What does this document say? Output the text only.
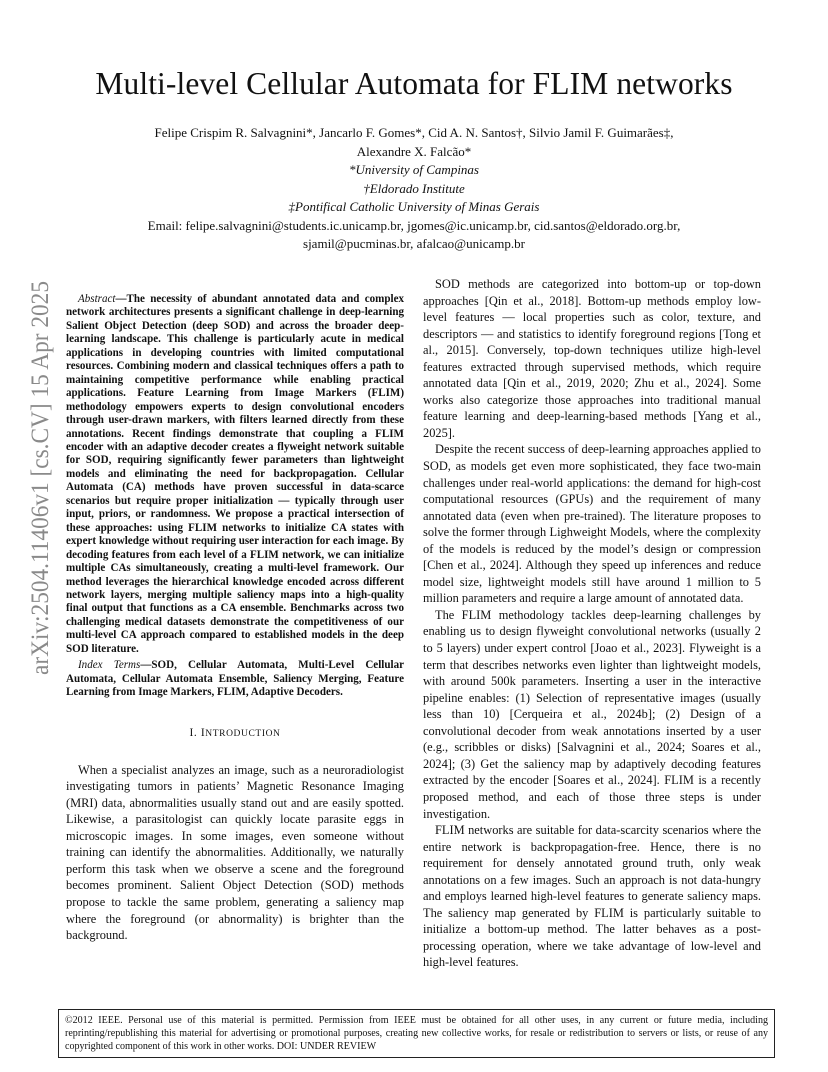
arXiv:2504.11406v1 [cs.CV] 15 Apr 2025
Multi-level Cellular Automata for FLIM networks
Felipe Crispim R. Salvagnini*, Jancarlo F. Gomes*, Cid A. N. Santos†, Silvio Jamil F. Guimarães‡,
Alexandre X. Falcão*
*University of Campinas
†Eldorado Institute
‡Pontifical Catholic University of Minas Gerais
Email: felipe.salvagnini@students.ic.unicamp.br, jgomes@ic.unicamp.br, cid.santos@eldorado.org.br,
sjamil@pucminas.br, afalcao@unicamp.br

Abstract—The necessity of abundant annotated data and complex network architectures presents a significant challenge in deep-learning Salient Object Detection (deep SOD) and across the broader deep-learning landscape. This challenge is particularly acute in medical applications in developing countries with limited computational resources. Combining modern and classical techniques offers a path to maintaining competitive performance while enabling practical applications. Feature Learning from Image Markers (FLIM) methodology empowers experts to design convolutional encoders through user-drawn markers, with filters learned directly from these annotations. Recent findings demonstrate that coupling a FLIM encoder with an adaptive decoder creates a flyweight network suitable for SOD, requiring significantly fewer parameters than lightweight models and eliminating the need for backpropagation. Cellular Automata (CA) methods have proven successful in data-scarce scenarios but require proper initialization — typically through user input, priors, or randomness. We propose a practical intersection of these approaches: using FLIM networks to initialize CA states with expert knowledge without requiring user interaction for each image. By decoding features from each level of a FLIM network, we can initialize multiple CAs simultaneously, creating a multi-level framework. Our method leverages the hierarchical knowledge encoded across different network layers, merging multiple saliency maps into a high-quality final output that functions as a CA ensemble. Benchmarks across two challenging medical datasets demonstrate the competitiveness of our multi-level CA approach compared to established models in the deep SOD literature.

Index Terms—SOD, Cellular Automata, Multi-Level Cellular Automata, Cellular Automata Ensemble, Saliency Merging, Feature Learning from Image Markers, FLIM, Adaptive Decoders.

I. INTRODUCTION

When a specialist analyzes an image, such as a neuroradiologist investigating tumors in patients’ Magnetic Resonance Imaging (MRI) data, abnormalities usually stand out and are easily spotted. Likewise, a parasitologist can quickly locate parasite eggs in microscopic images. In some images, even someone without training can identify the abnormalities. Additionally, we naturally perform this task when we observe a scene and the foreground becomes prominent. Salient Object Detection (SOD) methods propose to tackle the same problem, generating a saliency map where the foreground (or abnormality) is brighter than the background.

SOD methods are categorized into bottom-up or top-down approaches [Qin et al., 2018]. Bottom-up methods employ low-level features — local properties such as color, texture, and descriptors — and statistics to identify foreground regions [Tong et al., 2015]. Conversely, top-down techniques utilize high-level features extracted through supervised methods, which require annotated data [Qin et al., 2019, 2020; Zhu et al., 2024]. Some works also categorize those approaches into traditional manual feature learning and deep-learning-based methods [Yang et al., 2025].

Despite the recent success of deep-learning approaches applied to SOD, as models get even more sophisticated, they face two-main challenges under real-world applications: the demand for high-cost computational resources (GPUs) and the requirement of many annotated data (even when pre-trained). The literature proposes to solve the former through Lighweight Models, where the complexity of the models is reduced by the model’s design or compression [Chen et al., 2024]. Although they speed up inferences and reduce model size, lightweight models still have around 1 million to 5 million parameters and require a large amount of annotated data.

The FLIM methodology tackles deep-learning challenges by enabling us to design flyweight convolutional networks (usually 2 to 5 layers) under expert control [Joao et al., 2023]. Flyweight is a term that describes networks even lighter than lightweight models, with around 500k parameters. Inserting a user in the interactive pipeline enables: (1) Selection of representative images (usually less than 10) [Cerqueira et al., 2024b]; (2) Design of a convolutional decoder from weak annotations inserted by a user (e.g., scribbles or disks) [Salvagnini et al., 2024; Soares et al., 2024]; (3) Get the saliency map by adaptively decoding features extracted by the encoder [Soares et al., 2024]. FLIM is a recently proposed method, and each of those three steps is under investigation.

FLIM networks are suitable for data-scarcity scenarios where the entire network is backpropagation-free. Hence, there is no requirement for densely annotated ground truth, only weak annotations on a few images. Such an approach is not data-hungry and employs learned high-level features to generate saliency maps. The saliency map generated by FLIM is particularly suitable to initialize a bottom-up method. The latter behaves as a post-processing operation, where we take advantage of low-level and high-level features.

©2012 IEEE. Personal use of this material is permitted. Permission from IEEE must be obtained for all other uses, in any current or future media, including reprinting/republishing this material for advertising or promotional purposes, creating new collective works, for resale or redistribution to servers or lists, or reuse of any copyrighted component of this work in other works. DOI: UNDER REVIEW
